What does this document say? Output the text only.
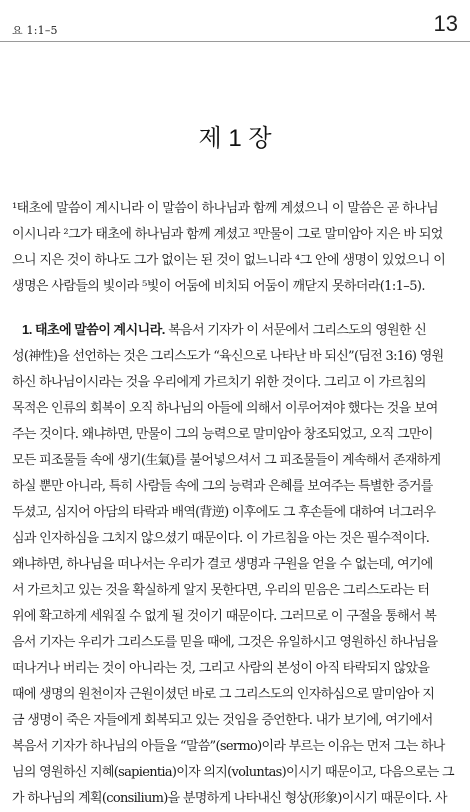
요 1:1–5	13
제 1 장
¹태초에 말씀이 계시니라 이 말씀이 하나님과 함께 계셨으니 이 말씀은 곧 하나님
이시니라 ²그가 태초에 하나님과 함께 계셨고 ³만물이 그로 말미암아 지은 바 되었
으니 지은 것이 하나도 그가 없이는 된 것이 없느니라 ⁴그 안에 생명이 있었으니 이
생명은 사람들의 빛이라 ⁵빛이 어둠에 비치되 어둠이 깨닫지 못하더라(1:1–5).
1. 태초에 말씀이 계시니라. 복음서 기자가 이 서문에서 그리스도의 영원한 신
성(神性)을 선언하는 것은 그리스도가 “육신으로 나타난 바 되신”(딤전 3:16) 영원
하신 하나님이시라는 것을 우리에게 가르치기 위한 것이다. 그리고 이 가르침의
목적은 인류의 회복이 오직 하나님의 아들에 의해서 이루어져야 했다는 것을 보여
주는 것이다. 왜냐하면, 만물이 그의 능력으로 말미암아 창조되었고, 오직 그만이
모든 피조물들 속에 생기(生氣)를 불어넣으셔서 그 피조물들이 계속해서 존재하게
하실 뿐만 아니라, 특히 사람들 속에 그의 능력과 은혜를 보여주는 특별한 증거를
두셨고, 심지어 아담의 타락과 배역(背逆) 이후에도 그 후손들에 대하여 너그러우
심과 인자하심을 그치지 않으셨기 때문이다. 이 가르침을 아는 것은 필수적이다.
왜냐하면, 하나님을 떠나서는 우리가 결코 생명과 구원을 얻을 수 없는데, 여기에
서 가르치고 있는 것을 확실하게 알지 못한다면, 우리의 믿음은 그리스도라는 터
위에 확고하게 세워질 수 없게 될 것이기 때문이다. 그러므로 이 구절을 통해서 복
음서 기자는 우리가 그리스도를 믿을 때에, 그것은 유일하시고 영원하신 하나님을
떠나거나 버리는 것이 아니라는 것, 그리고 사람의 본성이 아직 타락되지 않았을
때에 생명의 원천이자 근원이셨던 바로 그 그리스도의 인자하심으로 말미암아 지
금 생명이 죽은 자들에게 회복되고 있는 것임을 증언한다. 내가 보기에, 여기에서
복음서 기자가 하나님의 아들을 “말씀”(sermo)이라 부르는 이유는 먼저 그는 하나
님의 영원하신 지혜(sapientia)이자 의지(voluntas)이시기 때문이고, 다음으로는 그
가 하나님의 계획(consilium)을 분명하게 나타내신 형상(形象)이시기 때문이다. 사
